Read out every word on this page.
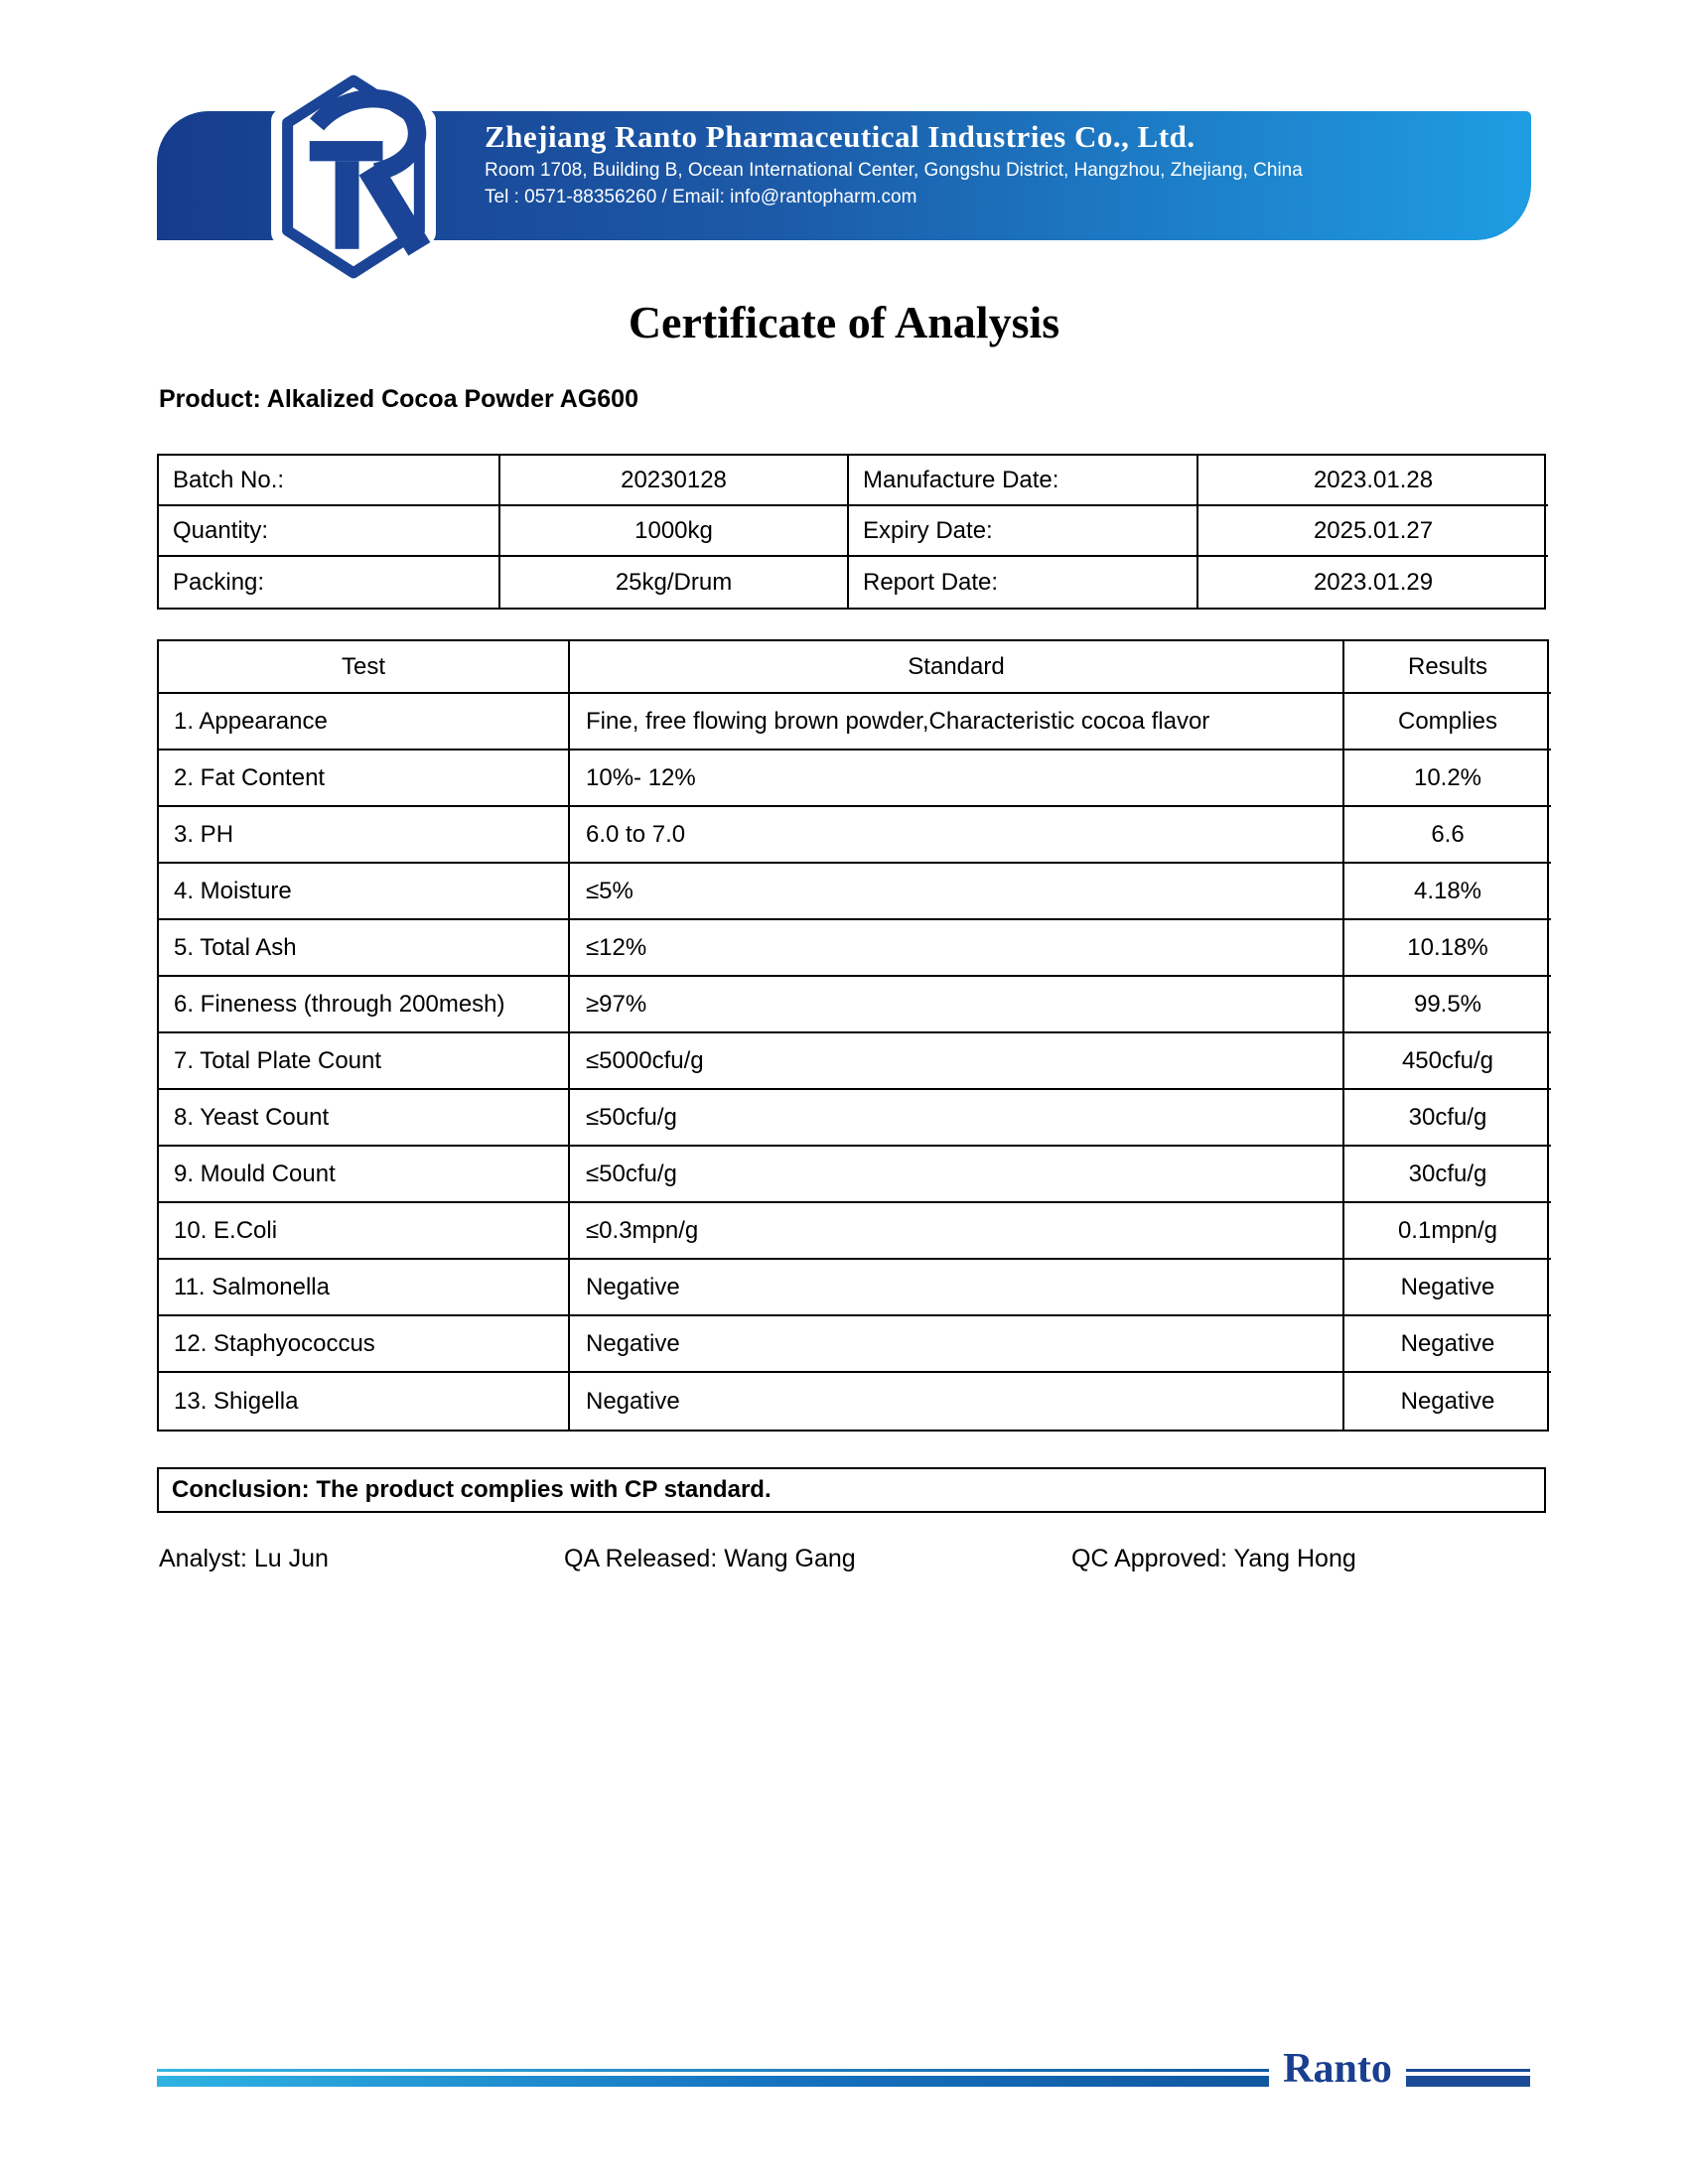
Zhejiang Ranto Pharmaceutical Industries Co., Ltd.
Room 1708, Building B, Ocean International Center, Gongshu District, Hangzhou, Zhejiang, China
Tel : 0571-88356260 / Email: info@rantopharm.com
Certificate of Analysis
Product: Alkalized Cocoa Powder AG600
Batch No.:	20230128	Manufacture Date:	2023.01.28
Quantity:	1000kg	Expiry Date:	2025.01.27
Packing:	25kg/Drum	Report Date:	2023.01.29
Test	Standard	Results
1. Appearance	Fine, free flowing brown powder,Characteristic cocoa flavor	Complies
2. Fat Content	10%- 12%	10.2%
3. PH	6.0 to 7.0	6.6
4. Moisture	≤5%	4.18%
5. Total Ash	≤12%	10.18%
6. Fineness (through 200mesh)	≥97%	99.5%
7. Total Plate Count	≤5000cfu/g	450cfu/g
8. Yeast Count	≤50cfu/g	30cfu/g
9. Mould Count	≤50cfu/g	30cfu/g
10. E.Coli	≤0.3mpn/g	0.1mpn/g
11. Salmonella	Negative	Negative
12. Staphyococcus	Negative	Negative
13. Shigella	Negative	Negative
Conclusion: The product complies with CP standard.
Analyst: Lu Jun	QA Released: Wang Gang	QC Approved: Yang Hong
Ranto
